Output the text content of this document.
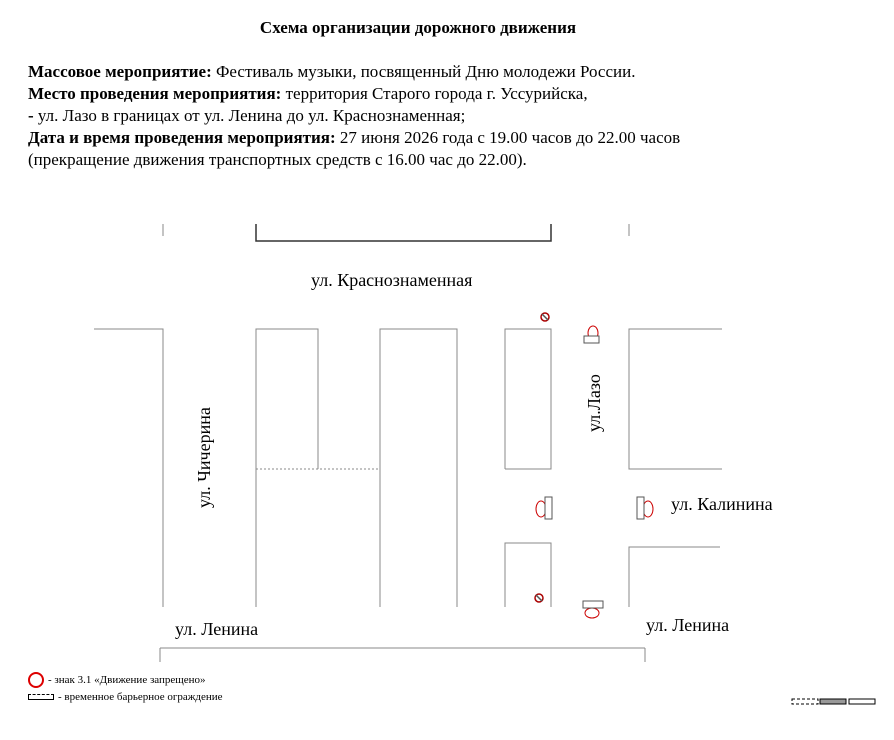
Схема организации дорожного движения
Массовое мероприятие: Фестиваль музыки, посвященный Дню молодежи России.
Место проведения мероприятия: территория Старого города г. Уссурийска,
- ул. Лазо в границах от ул. Ленина до ул. Краснознаменная;
Дата и время проведения мероприятия: 27 июня 2026 года с 19.00 часов до 22.00 часов
(прекращение движения транспортных средств с 16.00 час до 22.00).
ул. Краснознаменная
ул. Чичерина
ул.Лазо
ул. Калинина
ул. Ленина	ул. Ленина
- знак 3.1 «Движение запрещено»
- временное барьерное ограждение
